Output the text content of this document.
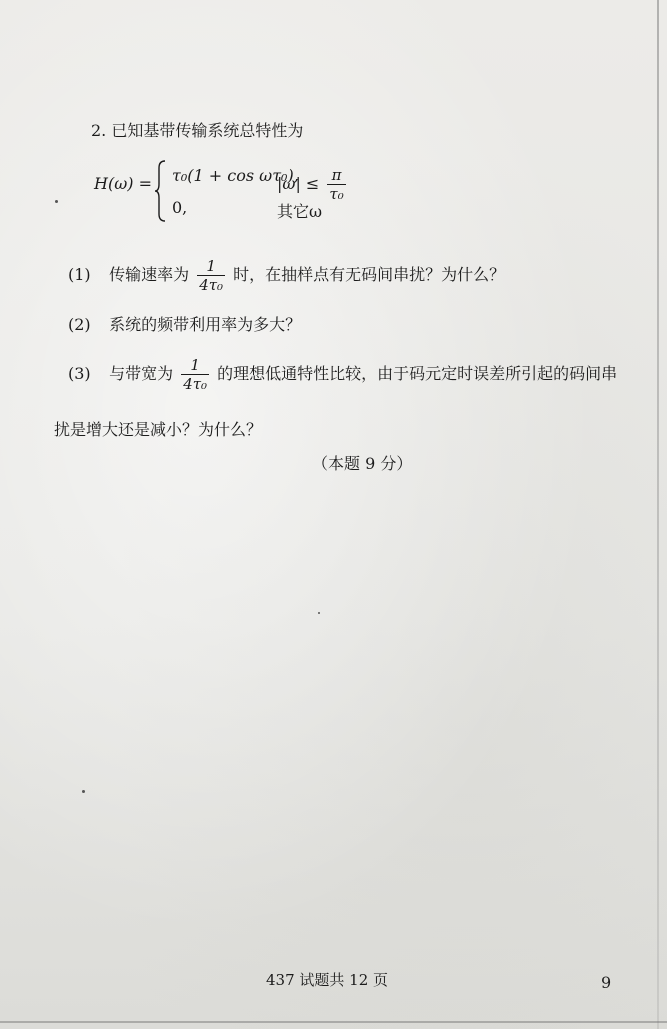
2. 已知基带传输系统总特性为
H(ω) = τ₀(1 + cos ωτ₀),
$|\omega| \le \frac{\pi}{\text{τ₀}}$
0,	其它ω
(1) 传输速率为 $\frac{1}{\text{4τ₀}}$ 时，在抽样点有无码间串扰？为什么？
(2) 系统的频带利用率为多大？
(3) 与带宽为 $\frac{1}{\text{4τ₀}}$ 的理想低通特性比较，由于码元定时误差所引起的码间串
扰是增大还是减小？为什么？
（本题 9 分）
437 试题共 12 页	9
